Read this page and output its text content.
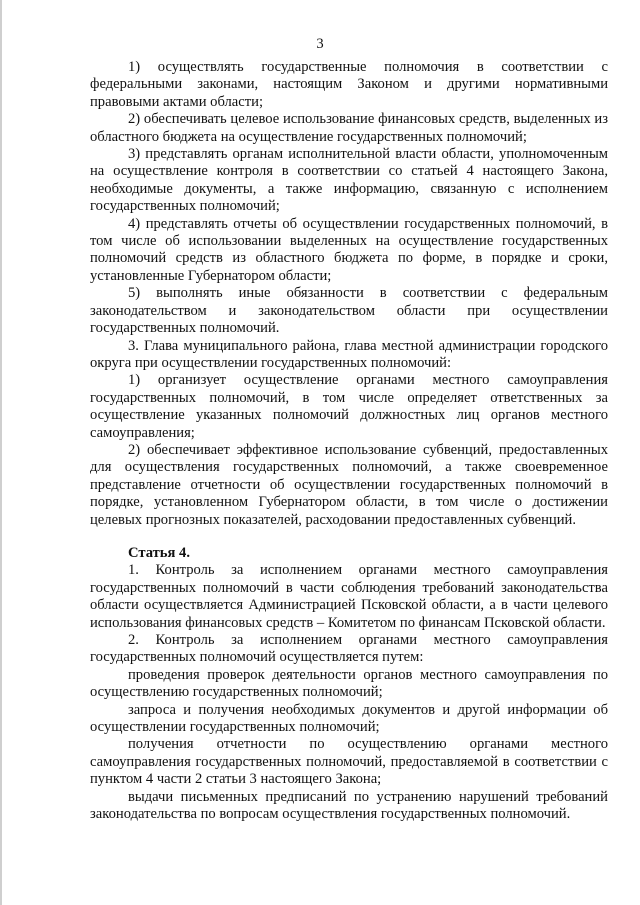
3

1) осуществлять государственные полномочия в соответствии с федеральными законами, настоящим Законом и другими нормативными правовыми актами области;

2) обеспечивать целевое использование финансовых средств, выделенных из областного бюджета на осуществление государственных полномочий;

3) представлять органам исполнительной власти области, уполномоченным на осуществление контроля в соответствии со статьей 4 настоящего Закона, необходимые документы, а также информацию, связанную с исполнением государственных полномочий;

4) представлять отчеты об осуществлении государственных полномочий, в том числе об использовании выделенных на осуществление государственных полномочий средств из областного бюджета по форме, в порядке и сроки, установленные Губернатором области;

5) выполнять иные обязанности в соответствии с федеральным законодательством и законодательством области при осуществлении государственных полномочий.

3. Глава муниципального района, глава местной администрации городского округа при осуществлении государственных полномочий:

1) организует осуществление органами местного самоуправления государственных полномочий, в том числе определяет ответственных за осуществление указанных полномочий должностных лиц органов местного самоуправления;

2) обеспечивает эффективное использование субвенций, предоставленных для осуществления государственных полномочий, а также своевременное представление отчетности об осуществлении государственных полномочий в порядке, установленном Губернатором области, в том числе о достижении целевых прогнозных показателей, расходовании предоставленных субвенций.

Статья 4.

1. Контроль за исполнением органами местного самоуправления государственных полномочий в части соблюдения требований законодательства области осуществляется Администрацией Псковской области, а в части целевого использования финансовых средств – Комитетом по финансам Псковской области.

2. Контроль за исполнением органами местного самоуправления государственных полномочий осуществляется путем:

проведения проверок деятельности органов местного самоуправления по осуществлению государственных полномочий;

запроса и получения необходимых документов и другой информации об осуществлении государственных полномочий;

получения отчетности по осуществлению органами местного самоуправления государственных полномочий, предоставляемой в соответствии с пунктом 4 части 2 статьи 3 настоящего Закона;

выдачи письменных предписаний по устранению нарушений требований законодательства по вопросам осуществления государственных полномочий.
